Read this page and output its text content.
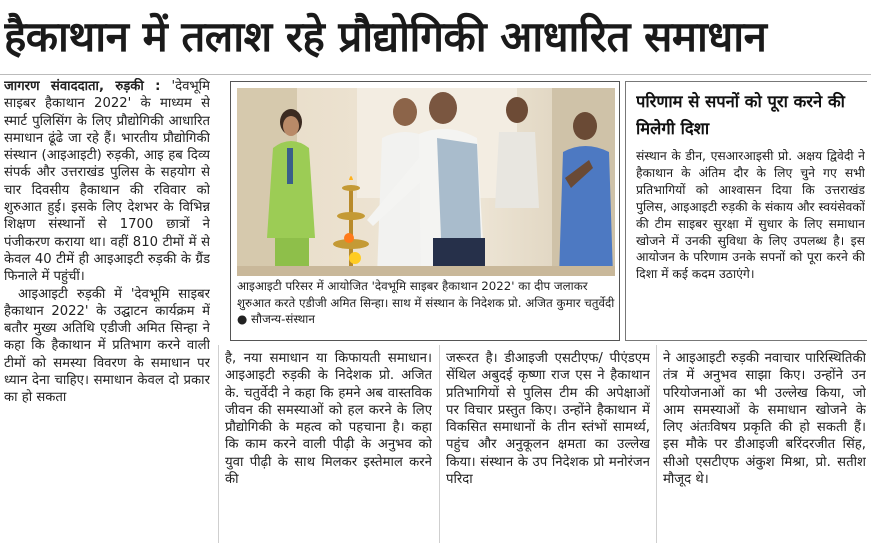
हैकाथान में तलाश रहे प्रौद्योगिकी आधारित समाधान

जागरण संवाददाता, रुड़की : 'देवभूमि साइबर हैकाथान 2022' के माध्यम से स्मार्ट पुलिसिंग के लिए प्रौद्योगिकी आधारित समाधान ढूंढे जा रहे हैं। भारतीय प्रौद्योगिकी संस्थान (आइआइटी) रुड़की, आइ हब दिव्य संपर्क और उत्तराखंड पुलिस के सहयोग से चार दिवसीय हैकाथान की रविवार को शुरुआत हुई। इसके लिए देशभर के विभिन्न शिक्षण संस्थानों से 1700 छात्रों ने पंजीकरण कराया था। वहीं 810 टीमों में से केवल 40 टीमें ही आइआइटी रुड़की के ग्रैंड फिनाले में पहुंचीं।

आइआइटी रुड़की में 'देवभूमि साइबर हैकाथान 2022' के उद्घाटन कार्यक्रम में बतौर मुख्य अतिथि एडीजी अमित सिन्हा ने कहा कि हैकाथान में प्रतिभाग करने वाली टीमों को समस्या विवरण के समाधान पर ध्यान देना चाहिए। समाधान केवल दो प्रकार का हो सकता

आइआइटी परिसर में आयोजित 'देवभूमि साइबर हैकाथान 2022' का दीप जलाकर शुरुआत करते एडीजी अमित सिन्हा। साथ में संस्थान के निदेशक प्रो. अजित कुमार चतुर्वेदी ● सौजन्य-संस्थान
परिणाम से सपनों को पूरा करने की मिलेगी दिशा
संस्थान के डीन, एसआरआइसी प्रो. अक्षय द्विवेदी ने हैकाथान के अंतिम दौर के लिए चुने गए सभी प्रतिभागियों को आश्वासन दिया कि उत्तराखंड पुलिस, आइआइटी रुड़की के संकाय और स्वयंसेवकों की टीम साइबर सुरक्षा में सुधार के लिए समाधान खोजने में उनकी सुविधा के लिए उपलब्ध है। इस आयोजन के परिणाम उनके सपनों को पूरा करने की दिशा में कई कदम उठाएंगे।

है, नया समाधान या किफायती समाधान। आइआइटी रुड़की के निदेशक प्रो. अजित के. चतुर्वेदी ने कहा कि हमने अब वास्तविक जीवन की समस्याओं को हल करने के लिए प्रौद्योगिकी के महत्व को पहचाना है। कहा कि काम करने वाली पीढ़ी के अनुभव को युवा पीढ़ी के साथ मिलकर इस्तेमाल करने की

जरूरत है। डीआइजी एसटीएफ/ पीएंडएम सेंथिल अबुदई कृष्णा राज एस ने हैकाथान प्रतिभागियों से पुलिस टीम की अपेक्षाओं पर विचार प्रस्तुत किए। उन्होंने हैकाथान में विकसित समाधानों के तीन स्तंभों सामर्थ्य, पहुंच और अनुकूलन क्षमता का उल्लेख किया। संस्थान के उप निदेशक प्रो मनोरंजन परिदा

ने आइआइटी रुड़की नवाचार पारिस्थितिकी तंत्र में अनुभव साझा किए। उन्होंने उन परियोजनाओं का भी उल्लेख किया, जो आम समस्याओं के समाधान खोजने के लिए अंतःविषय प्रकृति की हो सकती हैं। इस मौके पर डीआइजी बरिंदरजीत सिंह, सीओ एसटीएफ अंकुश मिश्रा, प्रो. सतीश मौजूद थे।
